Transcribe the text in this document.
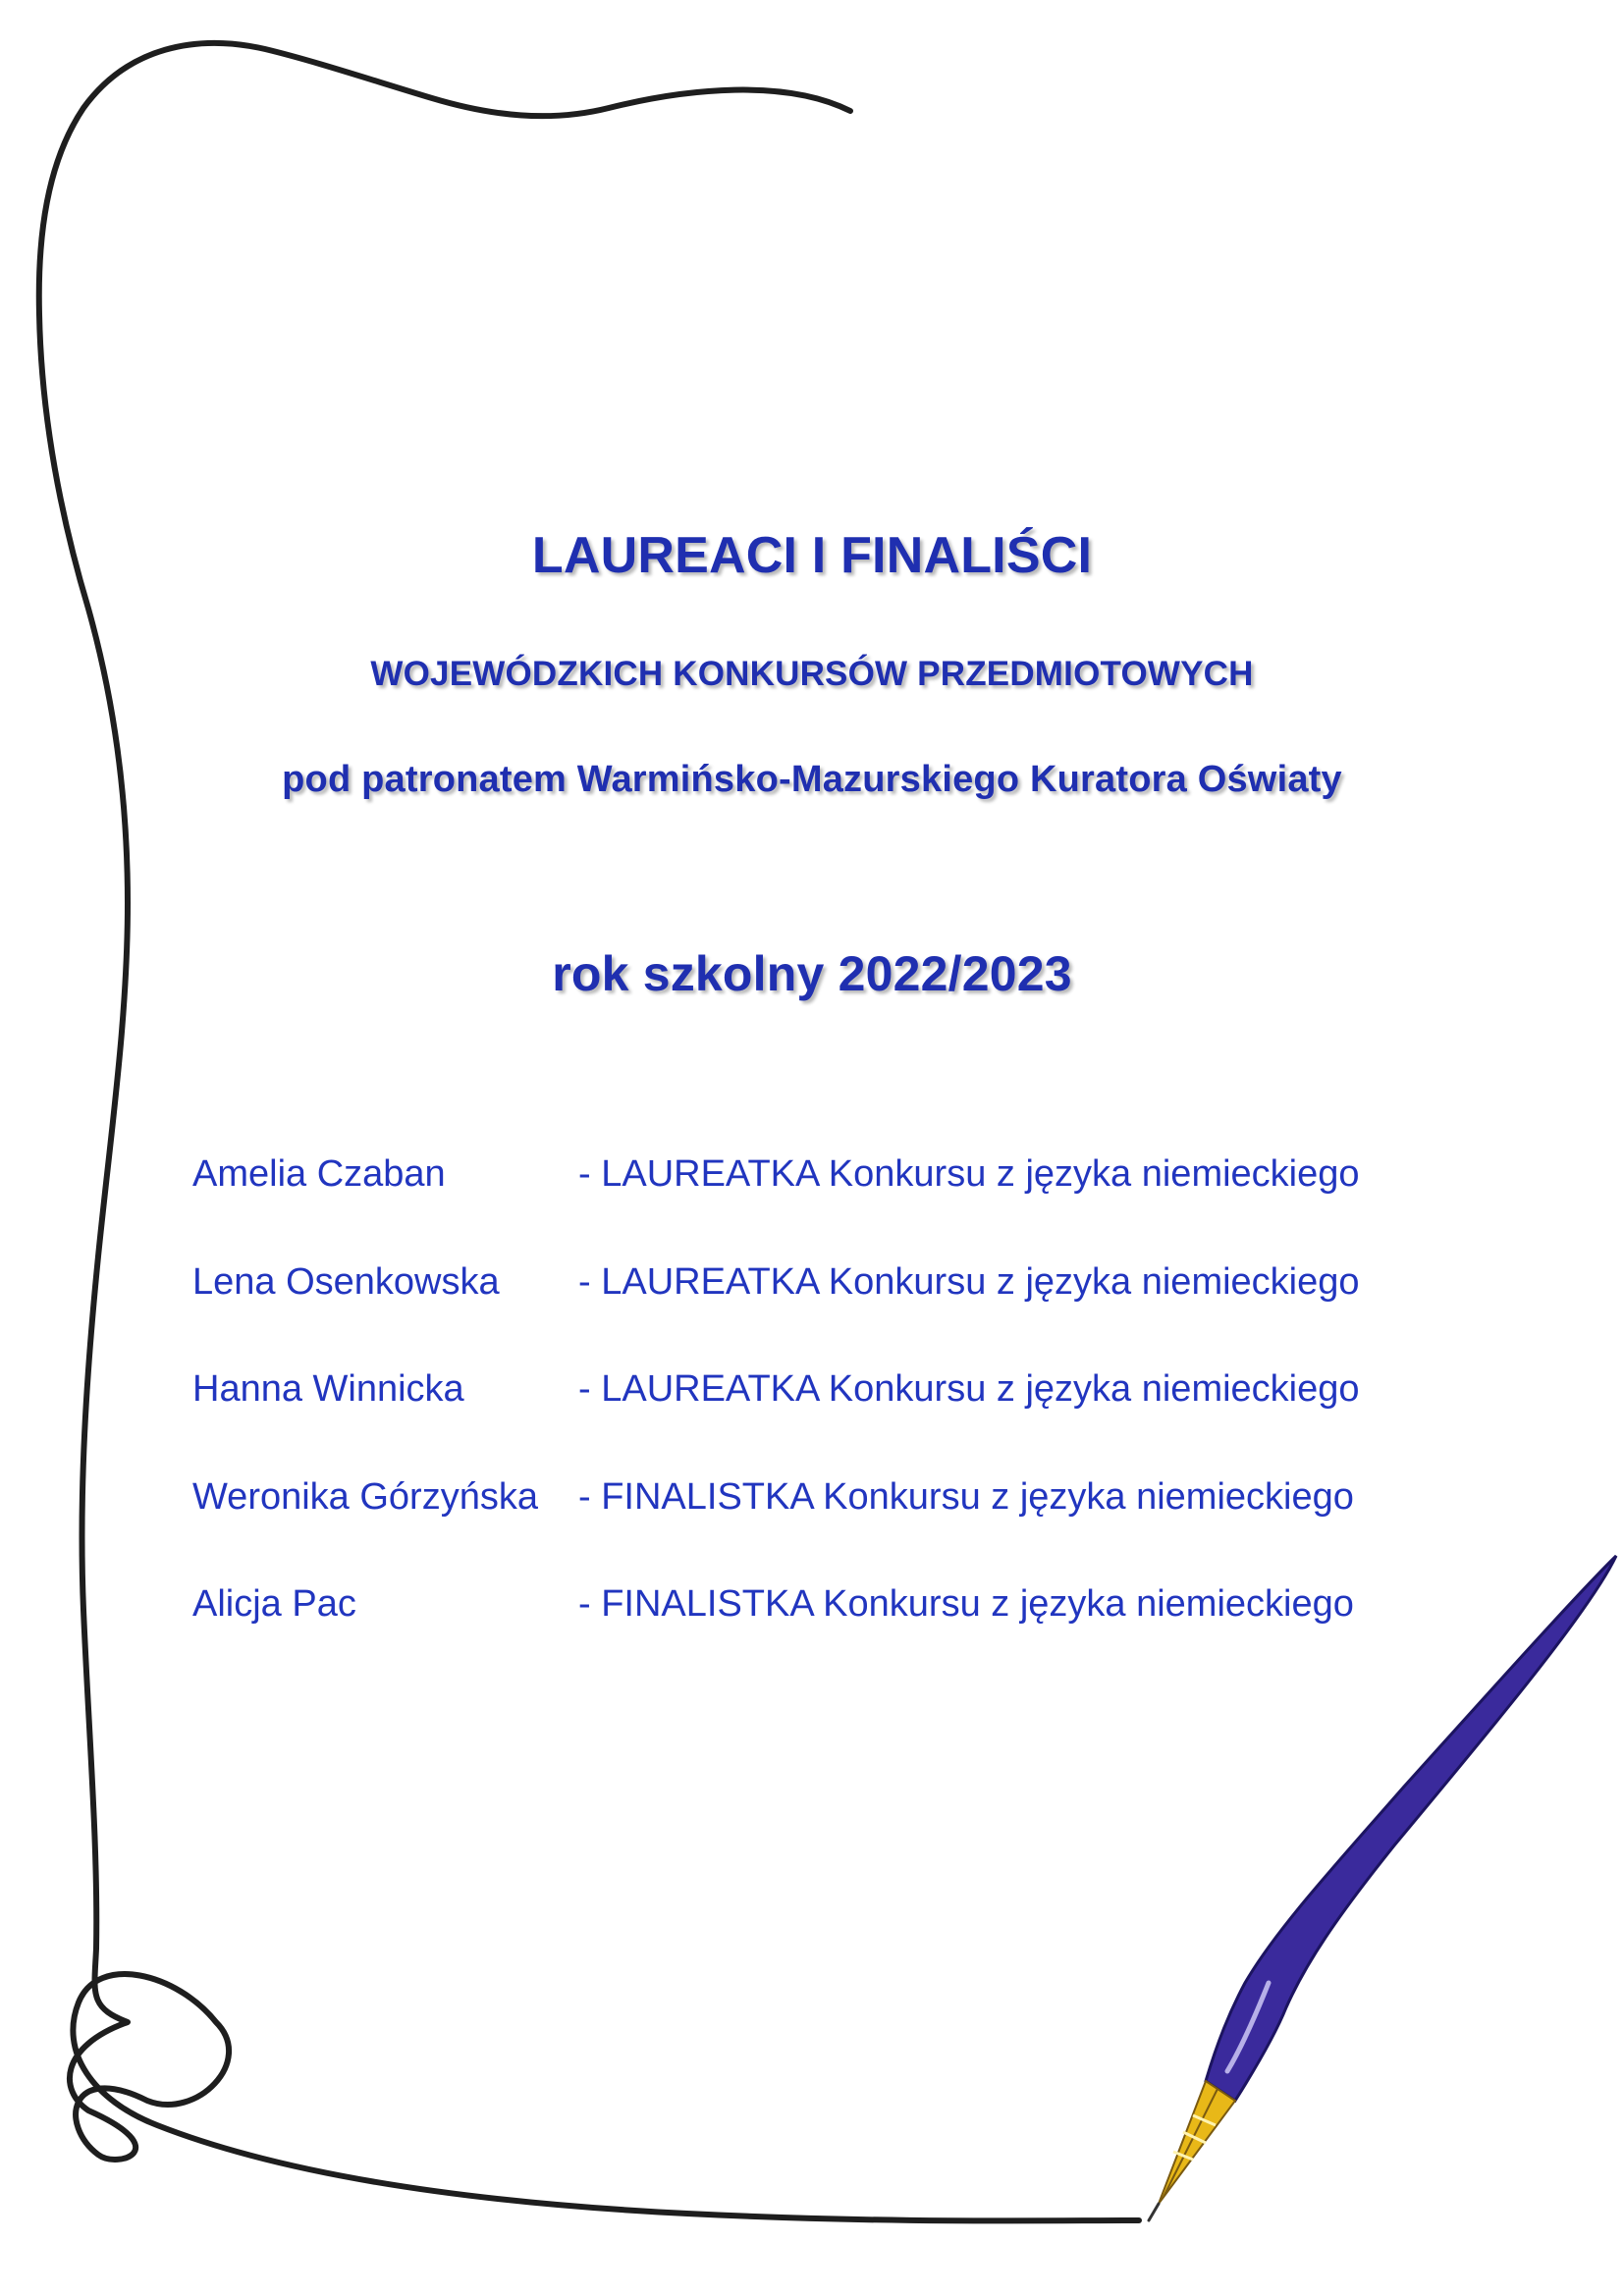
LAUREACI I FINALIŚCI
WOJEWÓDZKICH KONKURSÓW PRZEDMIOTOWYCH
pod patronatem Warmińsko-Mazurskiego Kuratora Oświaty
rok szkolny 2022/2023
Amelia Czaban	- LAUREATKA Konkursu z języka niemieckiego
Lena Osenkowska	- LAUREATKA Konkursu z języka niemieckiego
Hanna Winnicka	- LAUREATKA Konkursu z języka niemieckiego
Weronika Górzyńska	- FINALISTKA Konkursu z języka niemieckiego
Alicja Pac	- FINALISTKA Konkursu z języka niemieckiego
